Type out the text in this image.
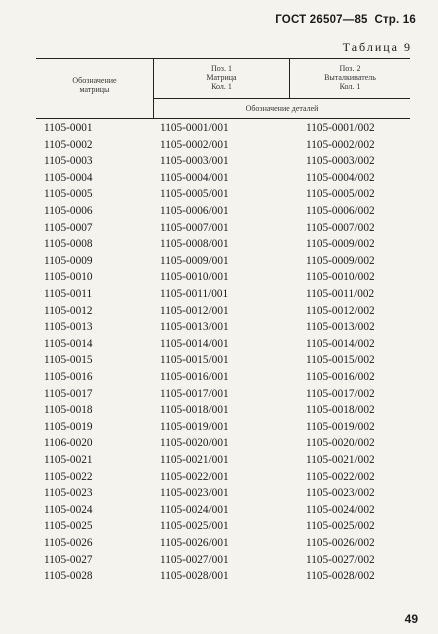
ГОСТ 26507—85 Стр. 16
Таблица 9
Обозначение
матрицы
Поз. 1
Матрица
Кол. 1
Поз. 2
Выталкиватель
Кол. 1
Обозначение деталей
1105-0001	1105-0001/001	1105-0001/002
1105-0002	1105-0002/001	1105-0002/002
1105-0003	1105-0003/001	1105-0003/002
1105-0004	1105-0004/001	1105-0004/002
1105-0005	1105-0005/001	1105-0005/002
1105-0006	1105-0006/001	1105-0006/002
1105-0007	1105-0007/001	1105-0007/002
1105-0008	1105-0008/001	1105-0009/002
1105-0009	1105-0009/001	1105-0009/002
1105-0010	1105-0010/001	1105-0010/002
1105-0011	1105-0011/001	1105-0011/002
1105-0012	1105-0012/001	1105-0012/002
1105-0013	1105-0013/001	1105-0013/002
1105-0014	1105-0014/001	1105-0014/002
1105-0015	1105-0015/001	1105-0015/002
1105-0016	1105-0016/001	1105-0016/002
1105-0017	1105-0017/001	1105-0017/002
1105-0018	1105-0018/001	1105-0018/002
1105-0019	1105-0019/001	1105-0019/002
1106-0020	1105-0020/001	1105-0020/002
1105-0021	1105-0021/001	1105-0021/002
1105-0022	1105-0022/001	1105-0022/002
1105-0023	1105-0023/001	1105-0023/002
1105-0024	1105-0024/001	1105-0024/002
1105-0025	1105-0025/001	1105-0025/002
1105-0026	1105-0026/001	1105-0026/002
1105-0027	1105-0027/001	1105-0027/002
1105-0028	1105-0028/001	1105-0028/002
49
